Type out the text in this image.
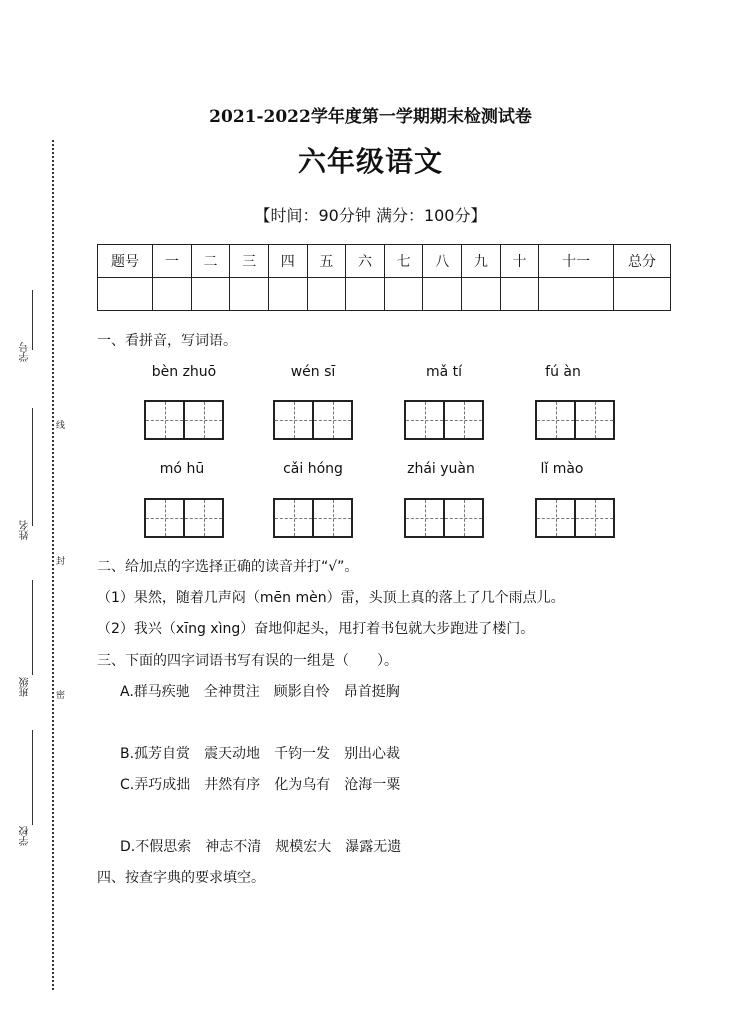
学号
线
姓名
封
班级	密
学校
2021-2022学年度第一学期期末检测试卷
六年级语文
【时间：90分钟 满分：100分】
题号	一	二	三	四	五	六	七	八	九	十	十一	总分

一、看拼音，写词语。
bèn zhuō	wén sī	mǎ tí	fú àn
mó hū	cǎi hóng	zhái yuàn	lǐ mào
二、给加点的字选择正确的读音并打“√”。
（1）果然，随着几声闷（mēn mèn）雷，头顶上真的落上了几个雨点儿。
（2）我兴（xīng xìng）奋地仰起头，甩打着书包就大步跑进了楼门。
三、下面的四字词语书写有误的一组是（　　）。
A.群马疾驰 全神贯注 顾影自怜 昂首挺胸
B.孤芳自赏 震天动地 千钧一发 别出心裁
C.弄巧成拙 井然有序 化为乌有 沧海一粟
D.不假思索 神志不清 规模宏大 瀑露无遗
四、按查字典的要求填空。
